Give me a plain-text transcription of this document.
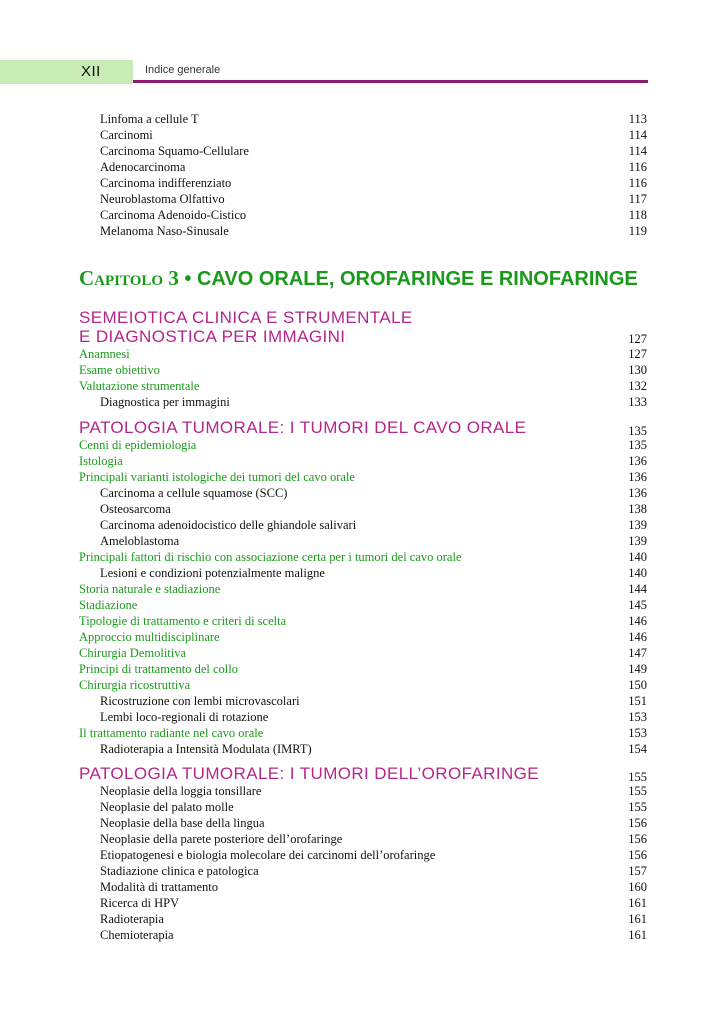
XII	Indice generale
Linfoma a cellule T	113
Carcinomi	114
Carcinoma Squamo-Cellulare	114
Adenocarcinoma	116
Carcinoma indifferenziato	116
Neuroblastoma Olfattivo	117
Carcinoma Adenoido-Cistico	118
Melanoma Naso-Sinusale	119
Capitolo 3 • CAVO ORALE, OROFARINGE E RINOFARINGE
SEMEIOTICA CLINICA E STRUMENTALE
E DIAGNOSTICA PER IMMAGINI	127
Anamnesi	127
Esame obiettivo	130
Valutazione strumentale	132
Diagnostica per immagini	133
PATOLOGIA TUMORALE: I TUMORI DEL CAVO ORALE	135
Cenni di epidemiologia	135
Istologia	136
Principali varianti istologiche dei tumori del cavo orale	136
Carcinoma a cellule squamose (SCC)	136
Osteosarcoma	138
Carcinoma adenoidocistico delle ghiandole salivari	139
Ameloblastoma	139
Principali fattori di rischio con associazione certa per i tumori del cavo orale	140
Lesioni e condizioni potenzialmente maligne	140
Storia naturale e stadiazione	144
Stadiazione	145
Tipologie di trattamento e criteri di scelta	146
Approccio multidisciplinare	146
Chirurgia Demolitiva	147
Principi di trattamento del collo	149
Chirurgia ricostruttiva	150
Ricostruzione con lembi microvascolari	151
Lembi loco-regionali di rotazione	153
Il trattamento radiante nel cavo orale	153
Radioterapia a Intensità Modulata (IMRT)	154
PATOLOGIA TUMORALE: I TUMORI DELL’OROFARINGE	155
Neoplasie della loggia tonsillare	155
Neoplasie del palato molle	155
Neoplasie della base della lingua	156
Neoplasie della parete posteriore dell’orofaringe	156
Etiopatogenesi e biologia molecolare dei carcinomi dell’orofaringe	156
Stadiazione clinica e patologica	157
Modalità di trattamento	160
Ricerca di HPV	161
Radioterapia	161
Chemioterapia	161
